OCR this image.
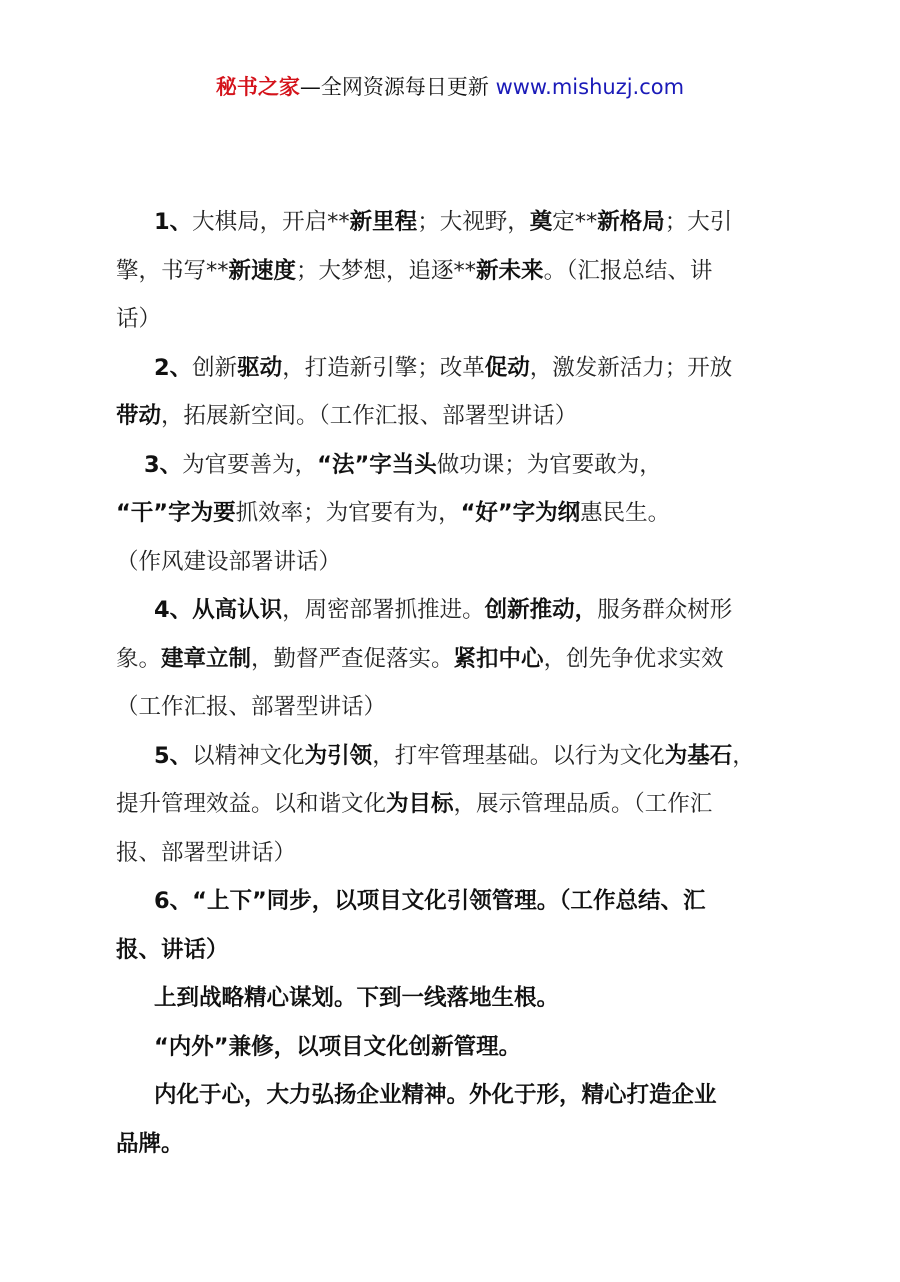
秘书之家—全网资源每日更新 www.mishuzj.com

1、大棋局，开启**新里程；大视野，奠定**新格局；大引
擎，书写**新速度；大梦想，追逐**新未来。（汇报总结、讲
话）

2、创新驱动，打造新引擎；改革促动，激发新活力；开放
带动，拓展新空间。（工作汇报、部署型讲话）

3、为官要善为，“法”字当头做功课；为官要敢为，
“干”字为要抓效率；为官要有为，“好”字为纲惠民生。
（作风建设部署讲话）

4、从高认识，周密部署抓推进。创新推动，服务群众树形
象。建章立制，勤督严查促落实。紧扣中心，创先争优求实效
（工作汇报、部署型讲话）

5、以精神文化为引领，打牢管理基础。以行为文化为基石，
提升管理效益。以和谐文化为目标，展示管理品质。（工作汇
报、部署型讲话）

6、“上下”同步，以项目文化引领管理。（工作总结、汇
报、讲话）

上到战略精心谋划。下到一线落地生根。

“内外”兼修，以项目文化创新管理。

内化于心，大力弘扬企业精神。外化于形，精心打造企业
品牌。
